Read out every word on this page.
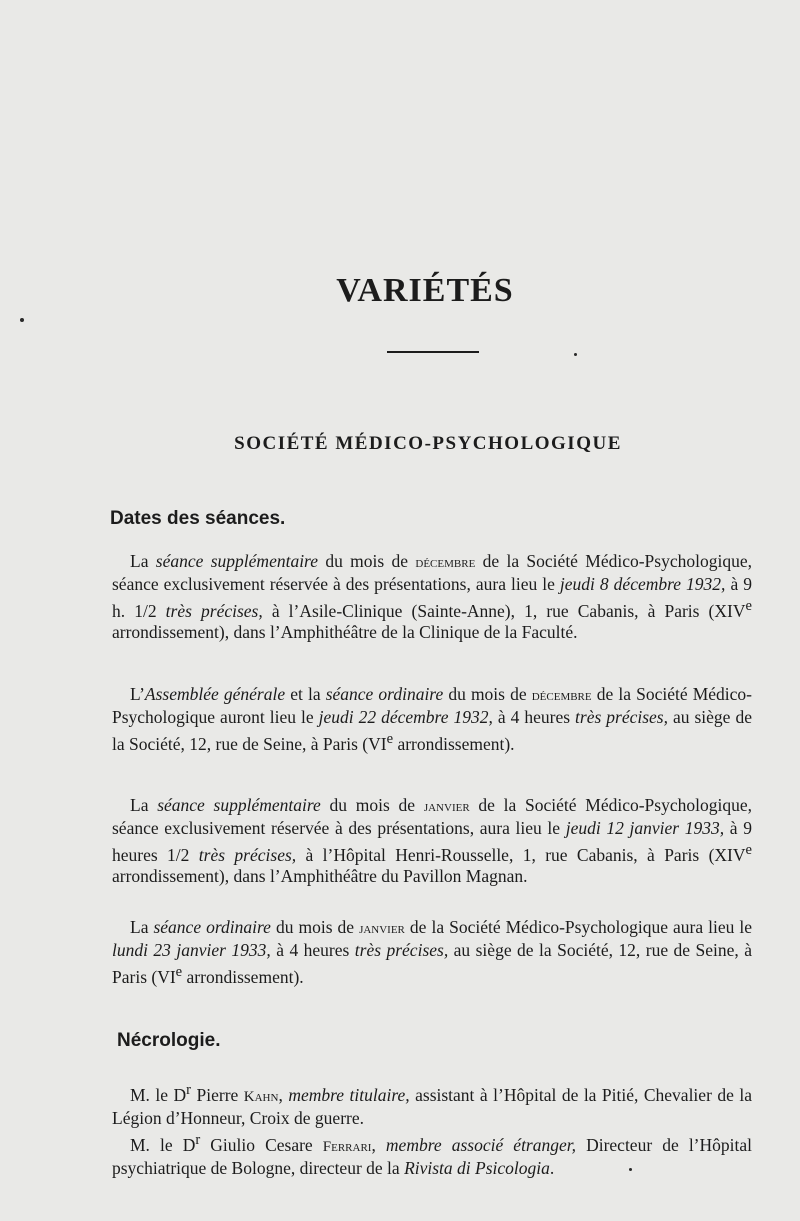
VARIÉTÉS
SOCIÉTÉ MÉDICO-PSYCHOLOGIQUE
Dates des séances.

La séance supplémentaire du mois de décembre de la Société Médico-Psychologique, séance exclusivement réservée à des présentations, aura lieu le jeudi 8 décembre 1932, à 9 h. 1/2 très précises, à l’Asile-Clinique (Sainte-Anne), 1, rue Cabanis, à Paris (XIVe arrondissement), dans l’Amphithéâtre de la Clinique de la Faculté.

L’Assemblée générale et la séance ordinaire du mois de décembre de la Société Médico-Psychologique auront lieu le jeudi 22 décembre 1932, à 4 heures très précises, au siège de la Société, 12, rue de Seine, à Paris (VIe arrondissement).

La séance supplémentaire du mois de janvier de la Société Médico-Psychologique, séance exclusivement réservée à des présentations, aura lieu le jeudi 12 janvier 1933, à 9 heures 1/2 très précises, à l’Hôpital Henri-Rousselle, 1, rue Cabanis, à Paris (XIVe arrondissement), dans l’Amphithéâtre du Pavillon Magnan.

La séance ordinaire du mois de janvier de la Société Médico-Psychologique aura lieu le lundi 23 janvier 1933, à 4 heures très précises, au siège de la Société, 12, rue de Seine, à Paris (VIe arrondissement).

Nécrologie.

M. le $D^r$ Pierre Kahn, membre titulaire, assistant à l’Hôpital de la Pitié, Chevalier de la Légion d’Honneur, Croix de guerre.

M. le $D^r$ Giulio Cesare Ferrari, membre associé étranger, Directeur de l’Hôpital psychiatrique de Bologne, directeur de la Rivista di Psicologia.
